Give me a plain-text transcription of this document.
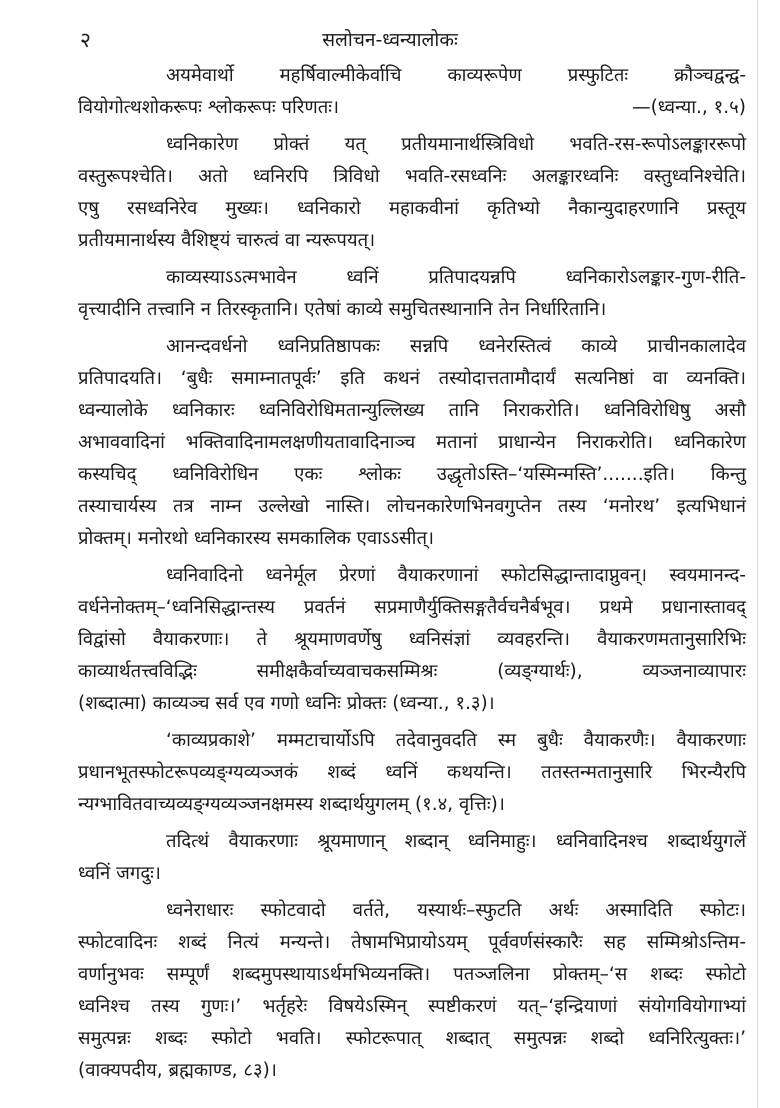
२	सलोचन-ध्वन्यालोकः
अयमेवार्थो महर्षिवाल्मीकेर्वाचि काव्यरूपेण प्रस्फुटितः क्रौञ्चद्वन्द्व-
वियोगोत्थशोकरूपः श्लोकरूपः परिणतः।	—(ध्वन्या., १.५)
ध्वनिकारेण प्रोक्तं यत् प्रतीयमानार्थस्त्रिविधो भवति-रस-रूपोऽलङ्काररूपो
वस्तुरूपश्चेति। अतो ध्वनिरपि त्रिविधो भवति-रसध्वनिः अलङ्कारध्वनिः वस्तुध्वनिश्चेति।
एषु रसध्वनिरेव मुख्यः। ध्वनिकारो महाकवीनां कृतिभ्यो नैकान्युदाहरणानि प्रस्तूय
प्रतीयमानार्थस्य वैशिष्ट्यं चारुत्वं वा न्यरूपयत्।
काव्यस्याऽऽत्मभावेन ध्वनिं प्रतिपादयन्नपि ध्वनिकारोऽलङ्कार-गुण-रीति-
वृत्त्यादीनि तत्त्वानि न तिरस्कृतानि। एतेषां काव्ये समुचितस्थानानि तेन निर्धारितानि।
आनन्दवर्धनो ध्वनिप्रतिष्ठापकः सन्नपि ध्वनेरस्तित्वं काव्ये प्राचीनकालादेव
प्रतिपादयति। ‘बुधैः समाम्नातपूर्वः’ इति कथनं तस्योदात्ततामौदार्यं सत्यनिष्ठां वा व्यनक्ति।
ध्वन्यालोके ध्वनिकारः ध्वनिविरोधिमतान्युल्लिख्य तानि निराकरोति। ध्वनिविरोधिषु असौ
अभाववादिनां भक्तिवादिनामलक्षणीयतावादिनाञ्च मतानां प्राधान्येन निराकरोति। ध्वनिकारेण
कस्यचिद् ध्वनिविरोधिन एकः श्लोकः उद्धृतोऽस्ति–‘यस्मिन्मस्ति’.......इति। किन्तु
तस्याचार्यस्य तत्र नाम्न उल्लेखो नास्ति। लोचनकारेणभिनवगुप्तेन तस्य ‘मनोरथ’ इत्यभिधानं
प्रोक्तम्। मनोरथो ध्वनिकारस्य समकालिक एवाऽऽसीत्।
ध्वनिवादिनो ध्वनेर्मूल प्रेरणां वैयाकरणानां स्फोटसिद्धान्तादाप्नुवन्। स्वयमानन्द-
वर्धनेनोक्तम्–‘ध्वनिसिद्धान्तस्य प्रवर्तनं सप्रमाणैर्युक्तिसङ्गतैर्वचनैर्बभूव। प्रथमे प्रधानास्तावद्
विद्वांसो वैयाकरणाः। ते श्रूयमाणवर्णेषु ध्वनिसंज्ञां व्यवहरन्ति। वैयाकरणमतानुसारिभिः
काव्यार्थतत्त्वविद्भिः समीक्षकैर्वाच्यवाचकसम्मिश्रः (व्यङ्ग्यार्थः), व्यञ्जनाव्यापारः
(शब्दात्मा) काव्यञ्च सर्व एव गणो ध्वनिः प्रोक्तः (ध्वन्या., १.३)।
‘काव्यप्रकाशे’ मम्मटाचार्योऽपि तदेवानुवदति स्म बुधैः वैयाकरणैः। वैयाकरणाः
प्रधानभूतस्फोटरूपव्यङ्ग्यव्यञ्जकं शब्दं ध्वनिं कथयन्ति। ततस्तन्मतानुसारि भिरन्यैरपि
न्यग्भावितवाच्यव्यङ्ग्यव्यञ्जनक्षमस्य शब्दार्थयुगलम् (१.४, वृत्तिः)।
तदित्थं वैयाकरणाः श्रूयमाणान् शब्दान् ध्वनिमाहुः। ध्वनिवादिनश्च शब्दार्थयुगलें
ध्वनिं जगदुः।
ध्वनेराधारः स्फोटवादो वर्तते, यस्यार्थः–स्फुटति अर्थः अस्मादिति स्फोटः।
स्फोटवादिनः शब्दं नित्यं मन्यन्ते। तेषामभिप्रायोऽयम् पूर्ववर्णसंस्कारैः सह सम्मिश्रोऽन्तिम-
वर्णानुभवः सम्पूर्णं शब्दमुपस्थायाऽर्थमभिव्यनक्ति। पतञ्जलिना प्रोक्तम्–‘स शब्दः स्फोटो
ध्वनिश्च तस्य गुणः।’ भर्तृहरेः विषयेऽस्मिन् स्पष्टीकरणं यत्–‘इन्द्रियाणां संयोगवियोगाभ्यां
समुत्पन्नः शब्दः स्फोटो भवति। स्फोटरूपात् शब्दात् समुत्पन्नः शब्दो ध्वनिरित्युक्तः।’
(वाक्यपदीय, ब्रह्मकाण्ड, ८३)।
